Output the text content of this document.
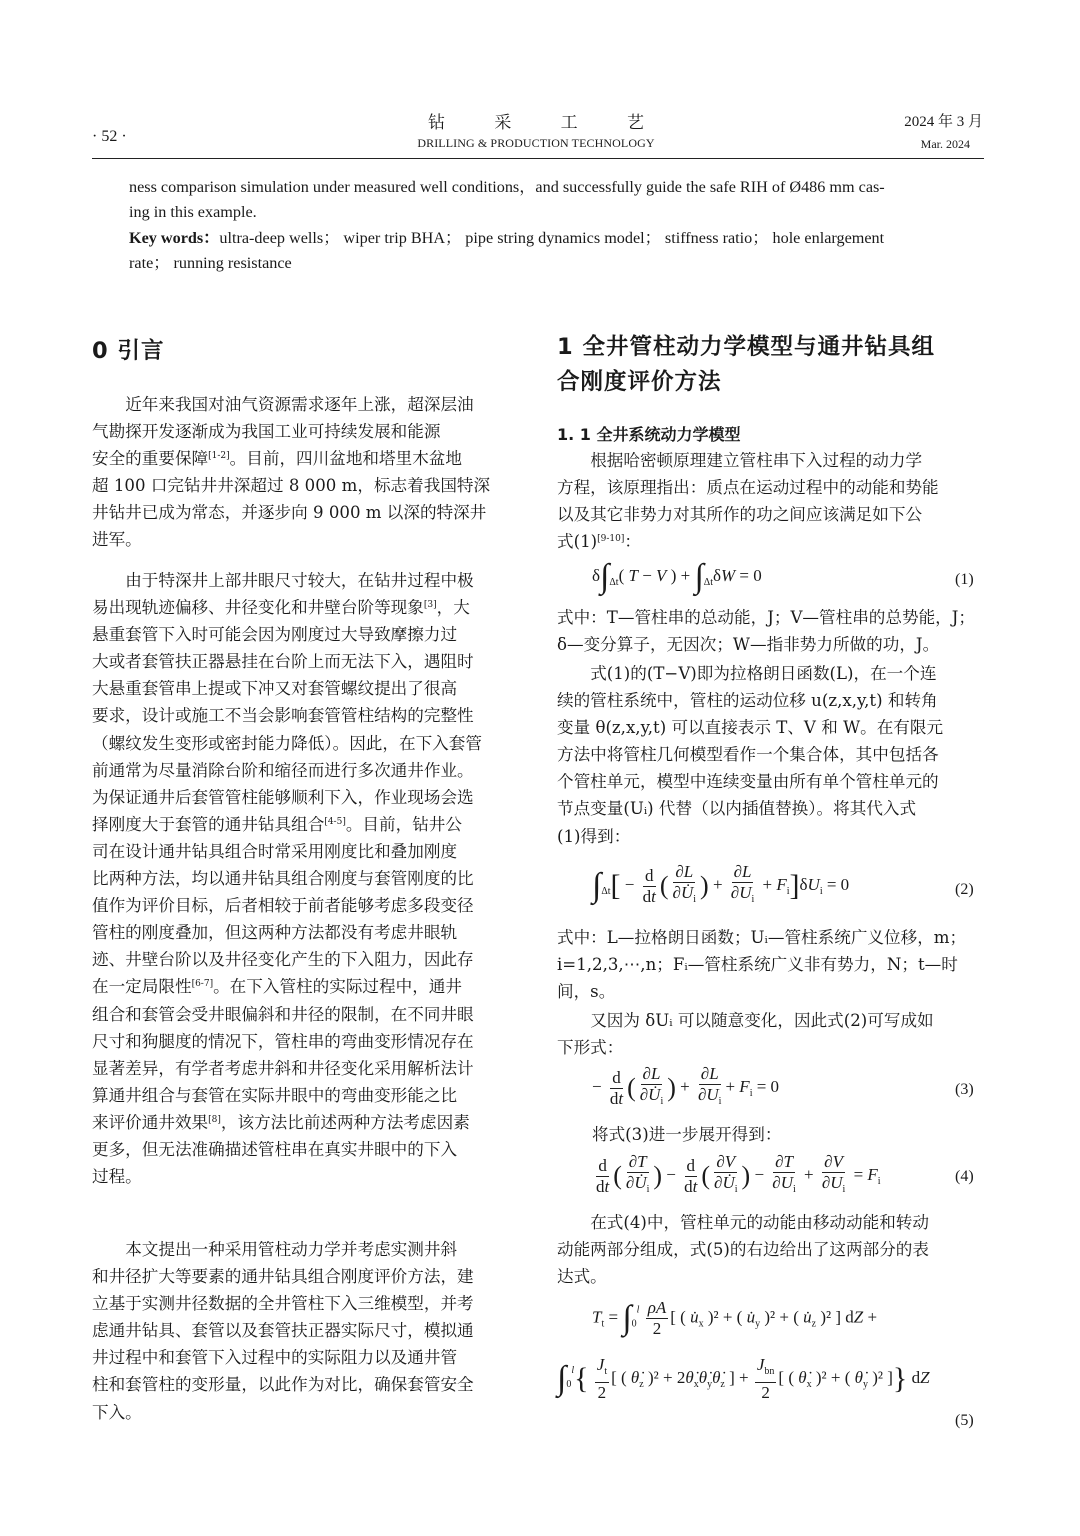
· 52 ·
钻	采	工	艺
DRILLING & PRODUCTION TECHNOLOGY
2024 年 3 月
Mar. 2024
ness comparison simulation under measured well conditions，and successfully guide the safe RIH of Ø486 mm cas-
ing in this example.
Key words：ultra-deep wells； wiper trip BHA； pipe string dynamics model； stiffness ratio； hole enlargement
rate； running resistance
0 引言
近年来我国对油气资源需求逐年上涨，超深层油
气勘探开发逐渐成为我国工业可持续发展和能源
安全的重要保障[1-2]。目前，四川盆地和塔里木盆地
超 100 口完钻井井深超过 8 000 m，标志着我国特深
井钻井已成为常态，并逐步向 9 000 m 以深的特深井
进军。
由于特深井上部井眼尺寸较大，在钻井过程中极
易出现轨迹偏移、井径变化和井壁台阶等现象[3]，大
悬重套管下入时可能会因为刚度过大导致摩擦力过
大或者套管扶正器悬挂在台阶上而无法下入，遇阻时
大悬重套管串上提或下冲又对套管螺纹提出了很高
要求，设计或施工不当会影响套管管柱结构的完整性
（螺纹发生变形或密封能力降低）。因此，在下入套管
前通常为尽量消除台阶和缩径而进行多次通井作业。
为保证通井后套管管柱能够顺利下入，作业现场会选
择刚度大于套管的通井钻具组合[4-5]。目前，钻井公
司在设计通井钻具组合时常采用刚度比和叠加刚度
比两种方法，均以通井钻具组合刚度与套管刚度的比
值作为评价目标，后者相较于前者能够考虑多段变径
管柱的刚度叠加，但这两种方法都没有考虑井眼轨
迹、井壁台阶以及井径变化产生的下入阻力，因此存
在一定局限性[6-7]。在下入管柱的实际过程中，通井
组合和套管会受井眼偏斜和井径的限制，在不同井眼
尺寸和狗腿度的情况下，管柱串的弯曲变形情况存在
显著差异，有学者考虑井斜和井径变化采用解析法计
算通井组合与套管在实际井眼中的弯曲变形能之比
来评价通井效果[8]，该方法比前述两种方法考虑因素
更多，但无法准确描述管柱串在真实井眼中的下入
过程。
本文提出一种采用管柱动力学并考虑实测井斜
和井径扩大等要素的通井钻具组合刚度评价方法，建
立基于实测井径数据的全井管柱下入三维模型，并考
虑通井钻具、套管以及套管扶正器实际尺寸，模拟通
井过程中和套管下入过程中的实际阻力以及通井管
柱和套管柱的变形量，以此作为对比，确保套管安全
下入。
1 全井管柱动力学模型与通井钻具组
合刚度评价方法
1. 1 全井系统动力学模型
根据哈密顿原理建立管柱串下入过程的动力学
方程，该原理指出：质点在运动过程中的动能和势能
以及其它非势力对其所作的功之间应该满足如下公
式(1)[9-10]：
$\delta\int_{\Delta t}$( T − V ) + $\int_{\Delta t}\delta W = 0$	(1)
式中：T—管柱串的总动能，J；V—管柱串的总势能，J；
δ—变分算子，无因次；W—指非势力所做的功，J。
式(1)的(T−V)即为拉格朗日函数(L)，在一个连
续的管柱系统中，管柱的运动位移 u(z,x,y,t) 和转角
变量 θ(z,x,y,t) 可以直接表示 T、V 和 W。在有限元
方法中将管柱几何模型看作一个集合体，其中包括各
个管柱单元，模型中连续变量由所有单个管柱单元的
节点变量(Uᵢ) 代替（以内插值替换）。将其代入式
(1)得到：
$\int_{\Delta t}[ - \frac{d}{dt}$ ( $\frac{\partial L}{\partial U̇_i}$ ) + $\frac{\partial L}{\partial U_i} + F_i]\delta U_i = 0$	(2)
式中：L—拉格朗日函数；Uᵢ—管柱系统广义位移，m；
i=1,2,3,⋯,n；Fᵢ—管柱系统广义非有势力，N；t—时
间，s。
又因为 δUᵢ 可以随意变化，因此式(2)可写成如
下形式：
− $\frac{d}{dt}$ ( $\frac{\partial L}{\partial U̇_i}$ ) + $\frac{\partial L}{\partial U_i} + F_i = 0$	(3)
将式(3)进一步展开得到：
$\frac{d}{dt}$ ( $\frac{\partial T}{\partial U̇_i}$ ) − $\frac{d}{dt}$ ( $\frac{\partial V}{\partial U̇_i}$ ) − $\frac{\partial T}{\partial U_i} + \frac{\partial V}{\partial U_i} = F_i$	(4)
在式(4)中，管柱单元的动能由移动动能和转动
动能两部分组成，式(5)的右边给出了这两部分的表
达式。
$T_t = \int_0^l \frac{\rho A}{2}$ [ ( $u̇_x$ )² + ( $u̇_y$ )² + ( $u̇_z$ )² ] dZ +
$\int_0^l\{ \frac{J_t}{2}$ [ ( $\thetȧ_z$ )$^2 + 2\thetȧ_x\thetȧ_y\thetȧ_z$ ] + $\frac{J_{bn}}{2}$ [ ( $\thetȧ_x$ )² + ( $\thetȧ_y$ )² ]} dZ
(5)
